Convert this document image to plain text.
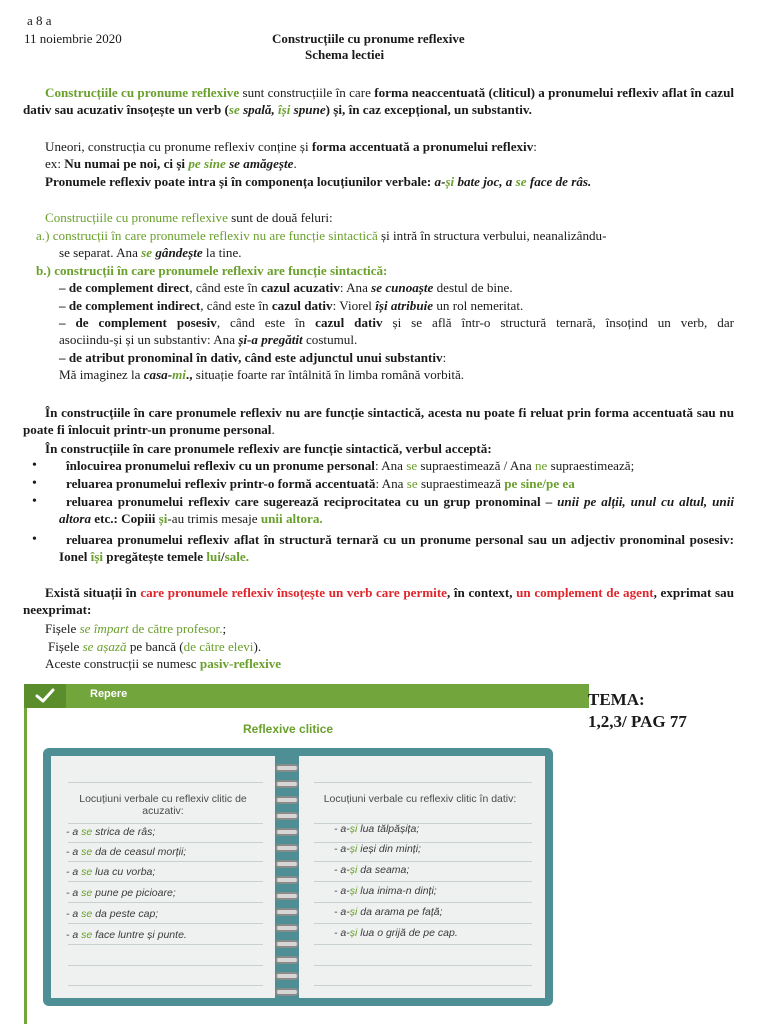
a 8 a
11 noiembrie 2020	Construcțiile cu pronume reflexive
Schema lectiei
Construcțiile cu pronume reflexive sunt construcțiile în care forma neaccentuată (cliticul) a pronumelui reflexiv aflat în cazul dativ sau acuzativ însoțește un verb (se spală, își spune) și, în caz excepțional, un substantiv.
Uneori, construcția cu pronume reflexiv conține și forma accentuată a pronumelui reflexiv:
ex: Nu numai pe noi, ci și pe sine se amăgește.
Pronumele reflexiv poate intra și în componența locuțiunilor verbale: a-și bate joc, a se face de râs.
Construcțiile cu pronume reflexive sunt de două feluri:
a.) construcții în care pronumele reflexiv nu are funcție sintactică și intră în structura verbului, neanalizându-
se separat. Ana se gândește la tine.
b.) construcții în care pronumele reflexiv are funcție sintactică:
– de complement direct, când este în cazul acuzativ: Ana se cunoaște destul de bine.
– de complement indirect, când este în cazul dativ: Viorel își atribuie un rol nemeritat.
– de complement posesiv, când este în cazul dativ și se află într-o structură ternară, însoțind un verb, dar
asociindu-și și un substantiv: Ana și-a pregătit costumul.
– de atribut pronominal în dativ, când este adjunctul unui substantiv:
Mă imaginez la casa-mi., situație foarte rar întâlnită în limba română vorbită.
În construcțiile în care pronumele reflexiv nu are funcție sintactică, acesta nu poate fi reluat prin forma accentuată sau nu poate fi înlocuit printr-un pronume personal.
În construcțiile în care pronumele reflexiv are funcție sintactică, verbul acceptă:
• înlocuirea pronumelui reflexiv cu un pronume personal: Ana se supraestimează / Ana ne supraestimează;
• reluarea pronumelui reflexiv printr-o formă accentuată: Ana se supraestimează pe sine/pe ea
•	reluarea pronumelui reflexiv care sugerează reciprocitatea cu un grup pronominal – unii pe alții, unul cu altul, unii altora etc.: Copiii și-au trimis mesaje unii altora.
•	reluarea pronumelui reflexiv aflat în structură ternară cu un pronume personal sau un adjectiv pronominal posesiv: Ionel își pregătește temele lui/sale.
Există situații în care pronumele reflexiv însoțește un verb care permite, în context, un complement de agent, exprimat sau neexprimat:
Fișele se împart de către profesor.;
Fișele se așază pe bancă (de către elevi).
Aceste construcții se numesc pasiv-reflexive
Repere
Reflexive clitice
Locuțiuni verbale cu reflexiv clitic de acuzativ:
Locuțiuni verbale cu reflexiv clitic în dativ:
- a se strica de râs;
- a se da de ceasul morții;
- a se lua cu vorba;
- a se pune pe picioare;
- a se da peste cap;
- a se face luntre și punte.
- a-și lua tălpășița;
- a-și ieși din minți;
- a-și da seama;
- a-și lua inima-n dinți;
- a-și da arama pe față;
- a-și lua o grijă de pe cap.
TEMA:
1,2,3/ PAG 77
